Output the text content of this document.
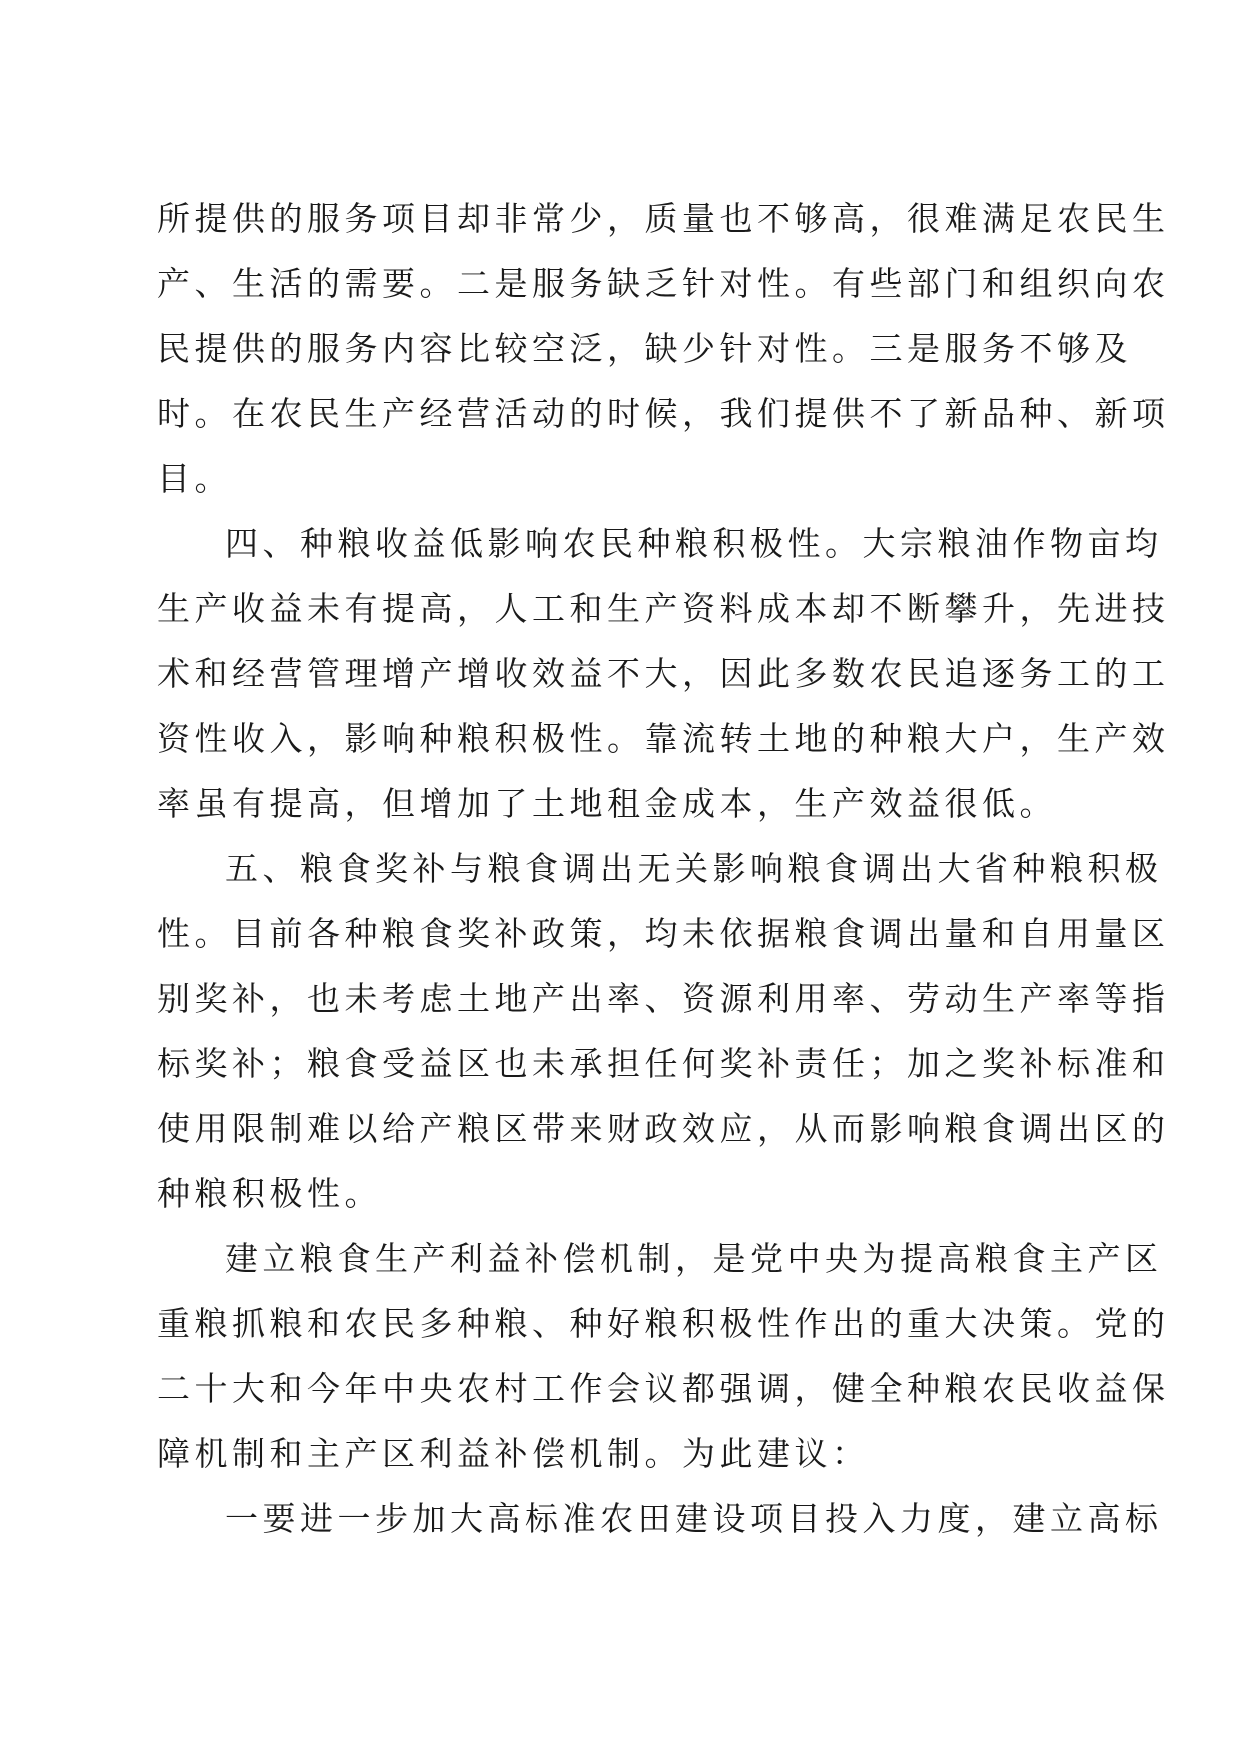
所提供的服务项目却非常少，质量也不够高，很难满足农民生
产、生活的需要。二是服务缺乏针对性。有些部门和组织向农
民提供的服务内容比较空泛，缺少针对性。三是服务不够及
时。在农民生产经营活动的时候，我们提供不了新品种、新项
目。
四、种粮收益低影响农民种粮积极性。大宗粮油作物亩均
生产收益未有提高，人工和生产资料成本却不断攀升，先进技
术和经营管理增产增收效益不大，因此多数农民追逐务工的工
资性收入，影响种粮积极性。靠流转土地的种粮大户，生产效
率虽有提高，但增加了土地租金成本，生产效益很低。
五、粮食奖补与粮食调出无关影响粮食调出大省种粮积极
性。目前各种粮食奖补政策，均未依据粮食调出量和自用量区
别奖补，也未考虑土地产出率、资源利用率、劳动生产率等指
标奖补；粮食受益区也未承担任何奖补责任；加之奖补标准和
使用限制难以给产粮区带来财政效应，从而影响粮食调出区的
种粮积极性。
建立粮食生产利益补偿机制，是党中央为提高粮食主产区
重粮抓粮和农民多种粮、种好粮积极性作出的重大决策。党的
二十大和今年中央农村工作会议都强调，健全种粮农民收益保
障机制和主产区利益补偿机制。为此建议：
一要进一步加大高标准农田建设项目投入力度，建立高标
